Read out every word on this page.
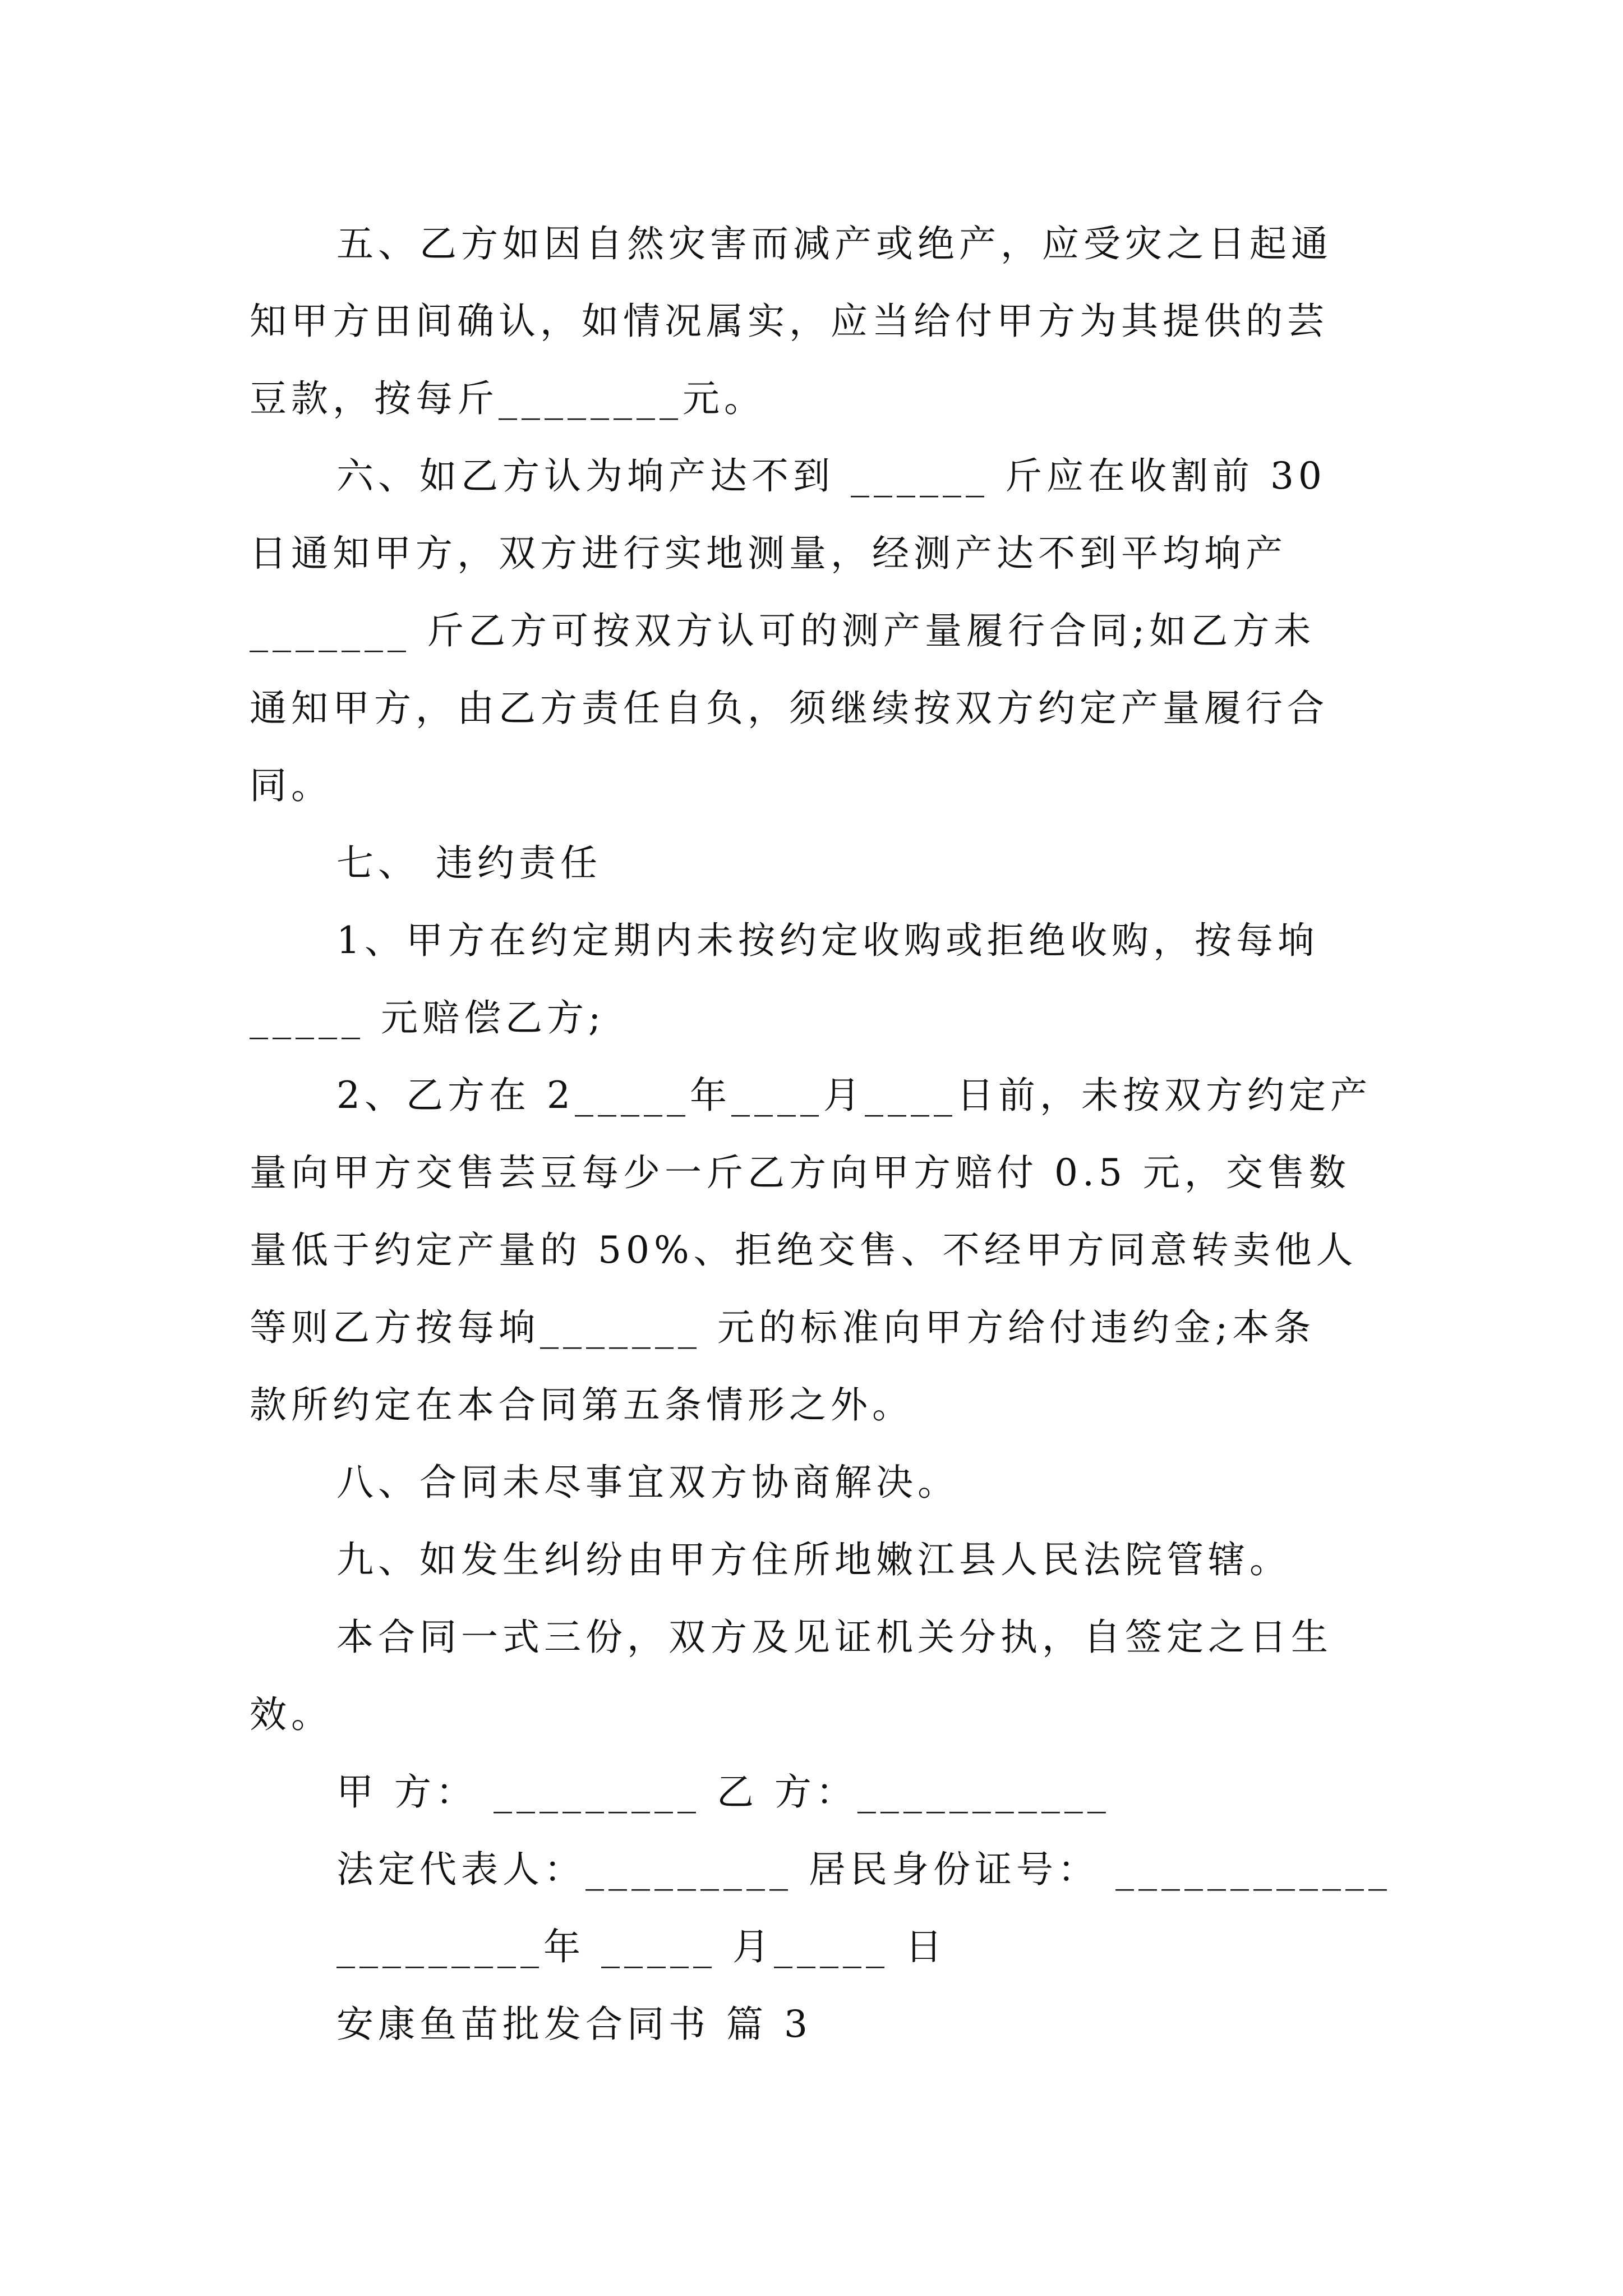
五、乙方如因自然灾害而减产或绝产，应受灾之日起通
知甲方田间确认，如情况属实，应当给付甲方为其提供的芸
豆款，按每斤________元。
六、如乙方认为垧产达不到 ______ 斤应在收割前 30
日通知甲方，双方进行实地测量，经测产达不到平均垧产
_______ 斤乙方可按双方认可的测产量履行合同;如乙方未
通知甲方，由乙方责任自负，须继续按双方约定产量履行合
同。
七、 违约责任
1、甲方在约定期内未按约定收购或拒绝收购，按每垧
_____ 元赔偿乙方;
2、乙方在 2_____年____月____日前，未按双方约定产
量向甲方交售芸豆每少一斤乙方向甲方赔付 0.5 元，交售数
量低于约定产量的 50%、拒绝交售、不经甲方同意转卖他人
等则乙方按每垧_______ 元的标准向甲方给付违约金;本条
款所约定在本合同第五条情形之外。
八、合同未尽事宜双方协商解决。
九、如发生纠纷由甲方住所地嫩江县人民法院管辖。
本合同一式三份，双方及见证机关分执，自签定之日生
效。
甲 方： _________ 乙 方：___________
法定代表人：_________ 居民身份证号： ____________
_________年 _____ 月_____ 日
安康鱼苗批发合同书 篇 3
